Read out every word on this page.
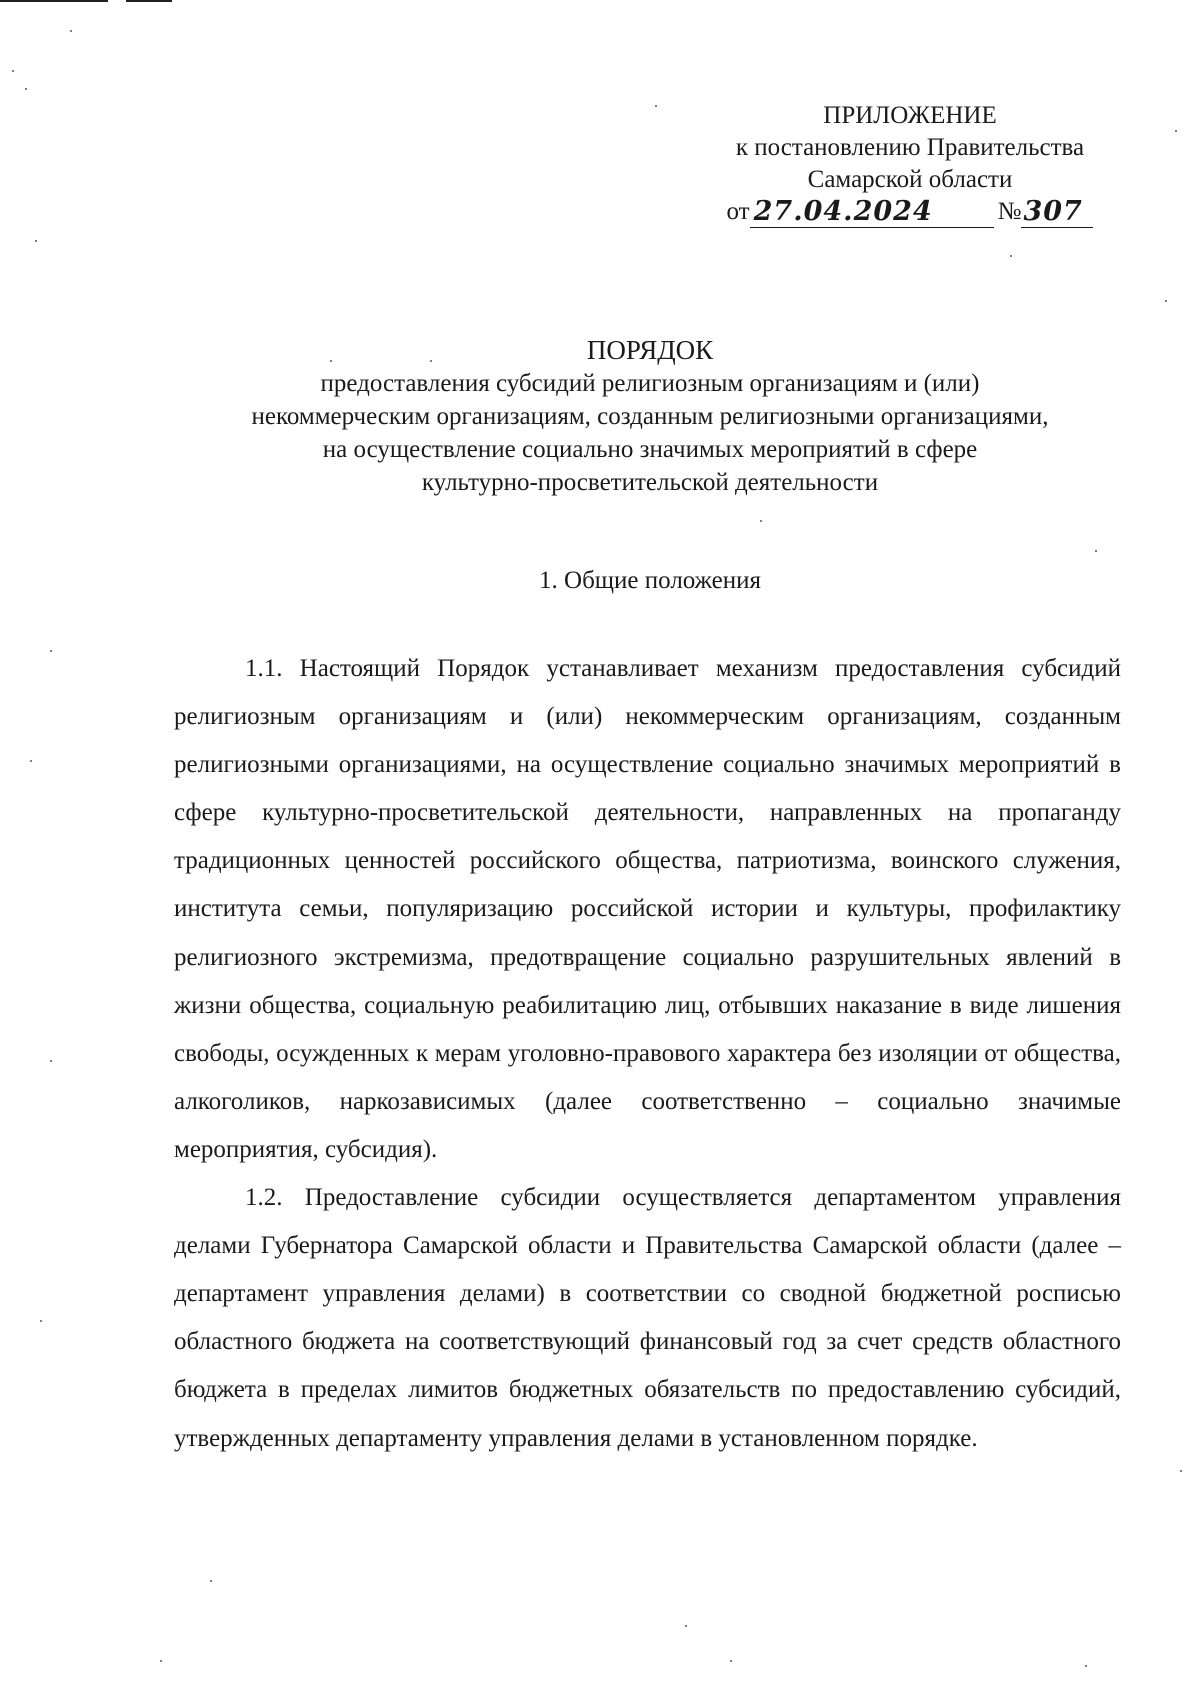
ПРИЛОЖЕНИЕ
к постановлению Правительства
Самарской области
от 27.04.2024	№ 307
ПОРЯДОК
предоставления субсидий религиозным организациям и (или)
некоммерческим организациям, созданным религиозными организациями,
на осуществление социально значимых мероприятий в сфере
культурно-просветительской деятельности
1. Общие положения

1.1. Настоящий Порядок устанавливает механизм предоставления субсидий религиозным организациям и (или) некоммерческим организациям, созданным религиозными организациями, на осуществление социально значимых мероприятий в сфере культурно-просветительской деятельности, направленных на пропаганду традиционных ценностей российского общества, патриотизма, воинского служения, института семьи, популяризацию российской истории и культуры, профилактику религиозного экстремизма, предотвращение социально разрушительных явлений в жизни общества, социальную реабилитацию лиц, отбывших наказание в виде лишения свободы, осужденных к мерам уголовно-правового характера без изоляции от общества, алкоголиков, наркозависимых (далее соответственно – социально значимые мероприятия, субсидия).

1.2. Предоставление субсидии осуществляется департаментом управления делами Губернатора Самарской области и Правительства Самарской области (далее – департамент управления делами) в соответствии со сводной бюджетной росписью областного бюджета на соответствующий финансовый год за счет средств областного бюджета в пределах лимитов бюджетных обязательств по предоставлению субсидий, утвержденных департаменту управления делами в установленном порядке.
